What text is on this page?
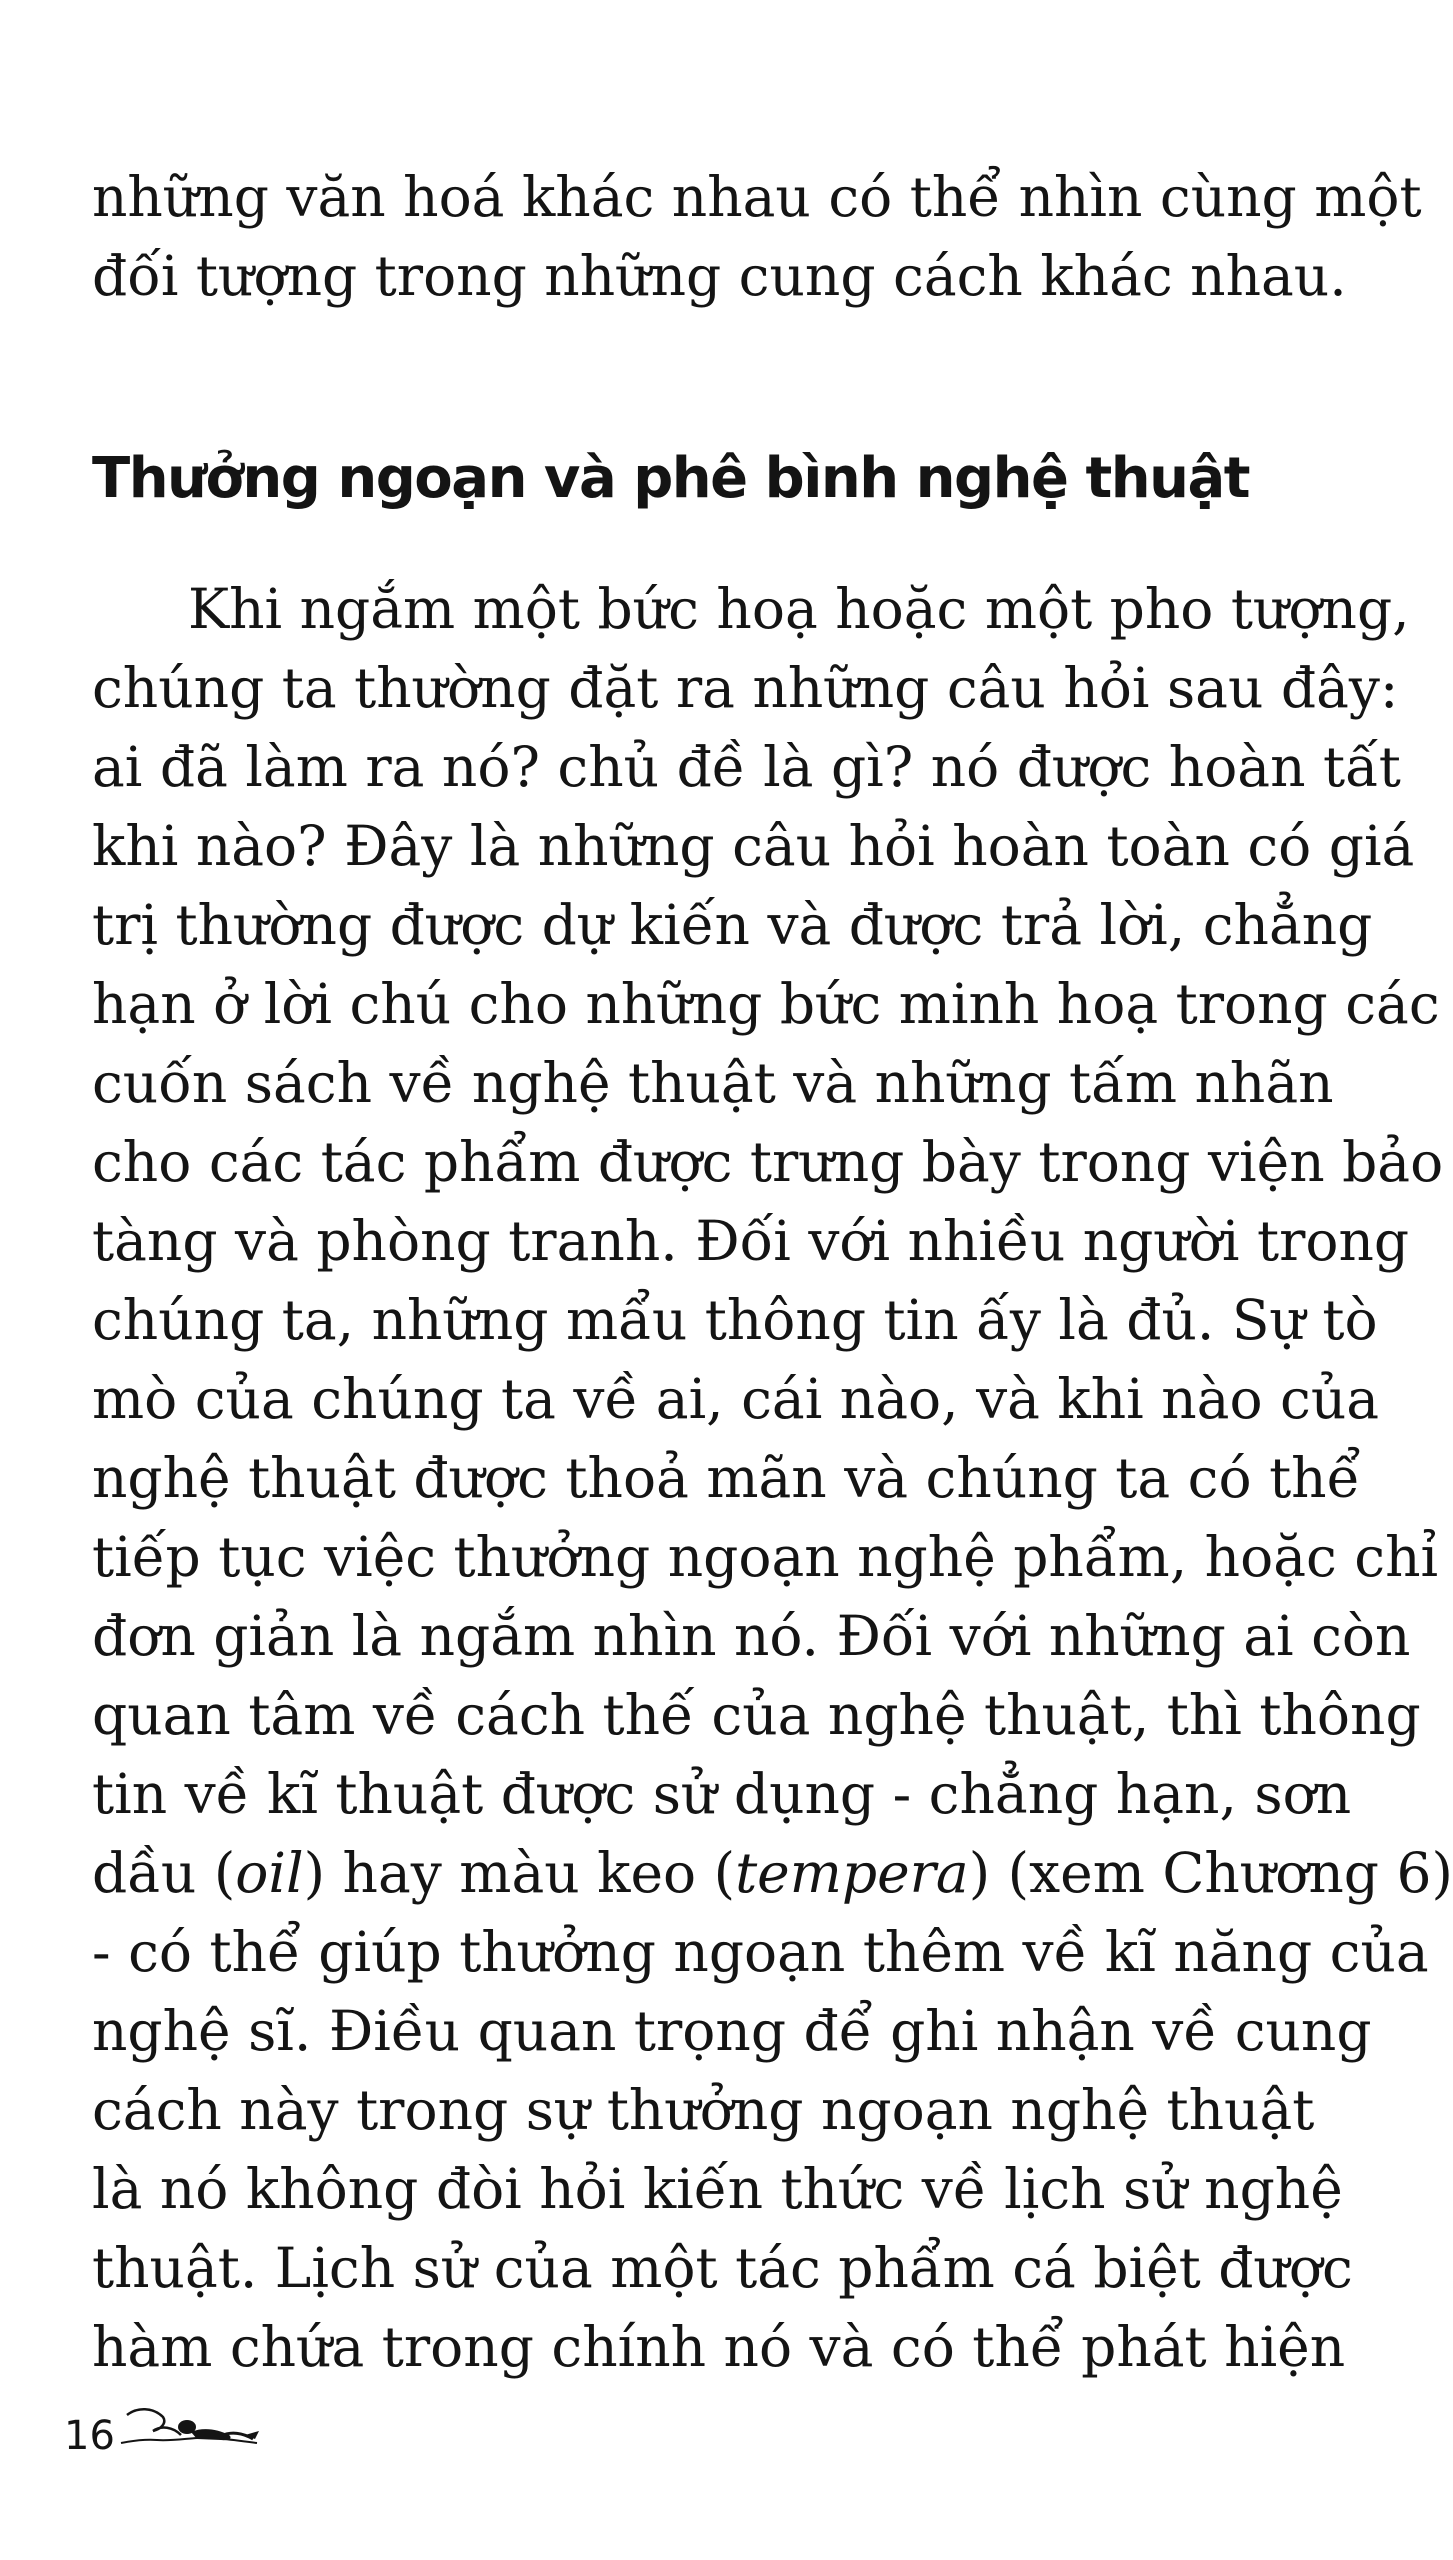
những văn hoá khác nhau có thể nhìn cùng một
đối tượng trong những cung cách khác nhau.
Thưởng ngoạn và phê bình nghệ thuật
Khi ngắm một bức hoạ hoặc một pho tượng,
chúng ta thường đặt ra những câu hỏi sau đây:
ai đã làm ra nó? chủ đề là gì? nó được hoàn tất
khi nào? Đây là những câu hỏi hoàn toàn có giá
trị thường được dự kiến và được trả lời, chẳng
hạn ở lời chú cho những bức minh hoạ trong các
cuốn sách về nghệ thuật và những tấm nhãn
cho các tác phẩm được trưng bày trong viện bảo
tàng và phòng tranh. Đối với nhiều người trong
chúng ta, những mẩu thông tin ấy là đủ. Sự tò
mò của chúng ta về ai, cái nào, và khi nào của
nghệ thuật được thoả mãn và chúng ta có thể
tiếp tục việc thưởng ngoạn nghệ phẩm, hoặc chỉ
đơn giản là ngắm nhìn nó. Đối với những ai còn
quan tâm về cách thế của nghệ thuật, thì thông
tin về kĩ thuật được sử dụng - chẳng hạn, sơn
dầu (oil) hay màu keo (tempera) (xem Chương 6)
- có thể giúp thưởng ngoạn thêm về kĩ năng của
nghệ sĩ. Điều quan trọng để ghi nhận về cung
cách này trong sự thưởng ngoạn nghệ thuật
là nó không đòi hỏi kiến thức về lịch sử nghệ
thuật. Lịch sử của một tác phẩm cá biệt được
hàm chứa trong chính nó và có thể phát hiện
16
